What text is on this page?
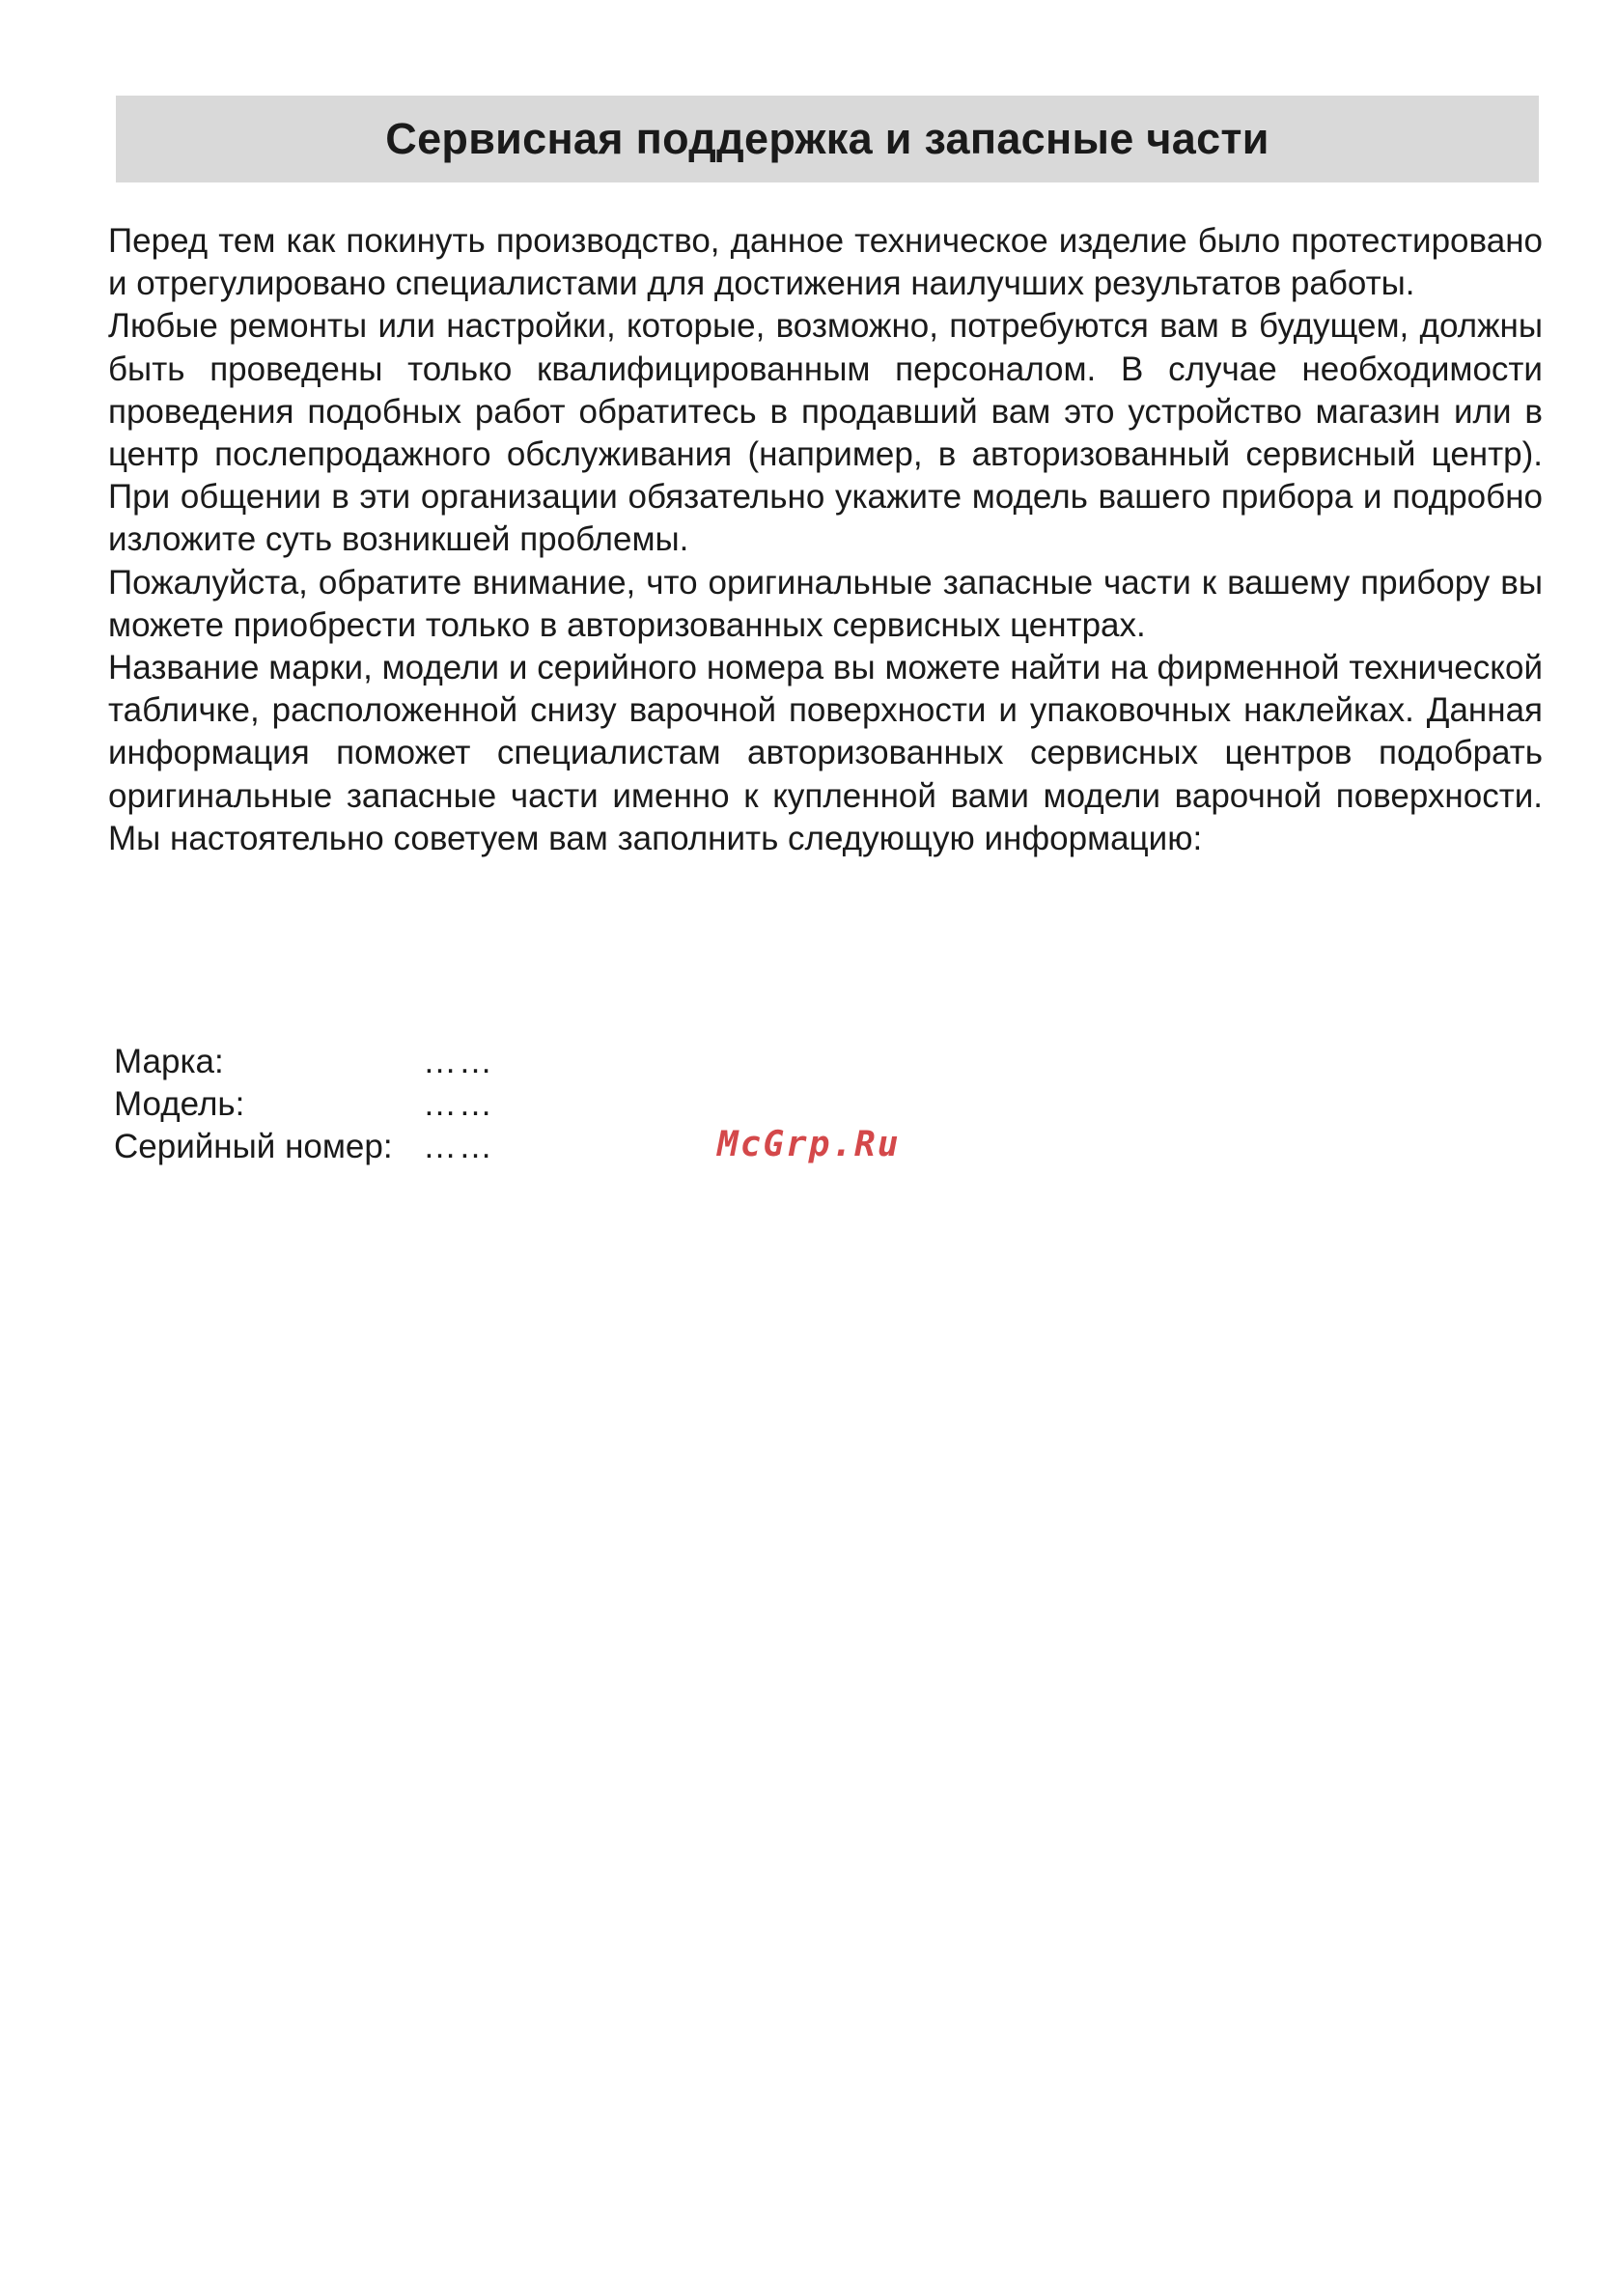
Сервисная поддержка и запасные части

Перед тем как покинуть производство, данное техническое изделие было протестировано и отрегулировано специалистами для достижения наилучших результатов работы.

Любые ремонты или настройки, которые, возможно, потребуются вам в будущем, должны быть проведены только квалифицированным персоналом. В случае необходимости проведения подобных работ обратитесь в продавший вам это устройство магазин или в центр послепродажного обслуживания (например, в авторизованный сервисный центр). При общении в эти организации обязательно укажите модель вашего прибора и подробно изложите суть возникшей проблемы.

Пожалуйста, обратите внимание, что оригинальные запасные части к вашему прибору вы можете приобрести только в авторизованных сервисных центрах.

Название марки, модели и серийного номера вы можете найти на фирменной технической табличке, расположенной снизу варочной поверхности и упаковочных наклейках. Данная информация поможет специалистам авторизованных сервисных центров подобрать оригинальные запасные части именно к купленной вами модели варочной поверхности. Мы настоятельно советуем вам заполнить следующую информацию:

Марка:	……
Модель:	……
Серийный номер: ……	McGrp.Ru
